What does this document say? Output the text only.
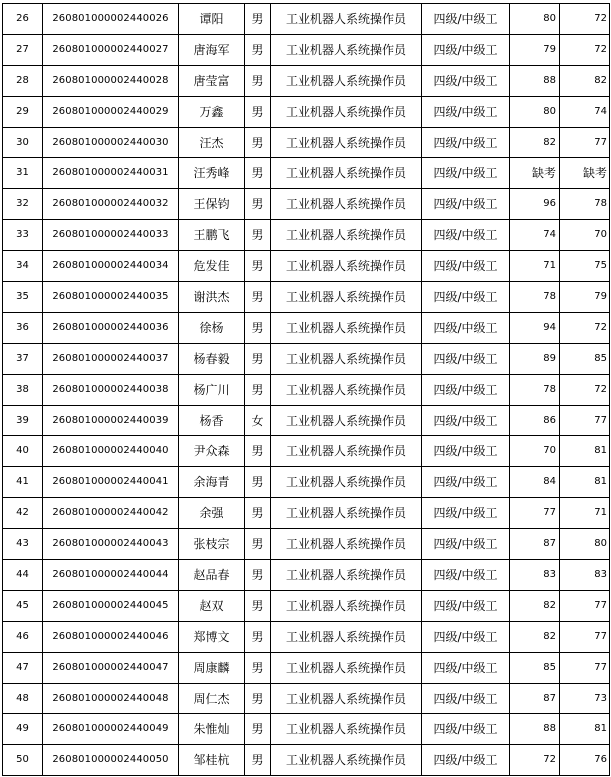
26	260801000002440026	谭阳	男	工业机器人系统操作员	四级/中级工	80	72
27	260801000002440027	唐海军	男	工业机器人系统操作员	四级/中级工	79	72
28	260801000002440028	唐莹富	男	工业机器人系统操作员	四级/中级工	88	82
29	260801000002440029	万鑫	男	工业机器人系统操作员	四级/中级工	80	74
30	260801000002440030	汪杰	男	工业机器人系统操作员	四级/中级工	82	77
31	260801000002440031	汪秀峰	男	工业机器人系统操作员	四级/中级工	缺考	缺考
32	260801000002440032	王保钧	男	工业机器人系统操作员	四级/中级工	96	78
33	260801000002440033	王鹏飞	男	工业机器人系统操作员	四级/中级工	74	70
34	260801000002440034	危发佳	男	工业机器人系统操作员	四级/中级工	71	75
35	260801000002440035	谢洪杰	男	工业机器人系统操作员	四级/中级工	78	79
36	260801000002440036	徐杨	男	工业机器人系统操作员	四级/中级工	94	72
37	260801000002440037	杨春毅	男	工业机器人系统操作员	四级/中级工	89	85
38	260801000002440038	杨广川	男	工业机器人系统操作员	四级/中级工	78	72
39	260801000002440039	杨香	女	工业机器人系统操作员	四级/中级工	86	77
40	260801000002440040	尹众森	男	工业机器人系统操作员	四级/中级工	70	81
41	260801000002440041	余海青	男	工业机器人系统操作员	四级/中级工	84	81
42	260801000002440042	余强	男	工业机器人系统操作员	四级/中级工	77	71
43	260801000002440043	张枝宗	男	工业机器人系统操作员	四级/中级工	87	80
44	260801000002440044	赵品春	男	工业机器人系统操作员	四级/中级工	83	83
45	260801000002440045	赵双	男	工业机器人系统操作员	四级/中级工	82	77
46	260801000002440046	郑博文	男	工业机器人系统操作员	四级/中级工	82	77
47	260801000002440047	周康麟	男	工业机器人系统操作员	四级/中级工	85	77
48	260801000002440048	周仁杰	男	工业机器人系统操作员	四级/中级工	87	73
49	260801000002440049	朱惟灿	男	工业机器人系统操作员	四级/中级工	88	81
50	260801000002440050	邹桂杭	男	工业机器人系统操作员	四级/中级工	72	76
